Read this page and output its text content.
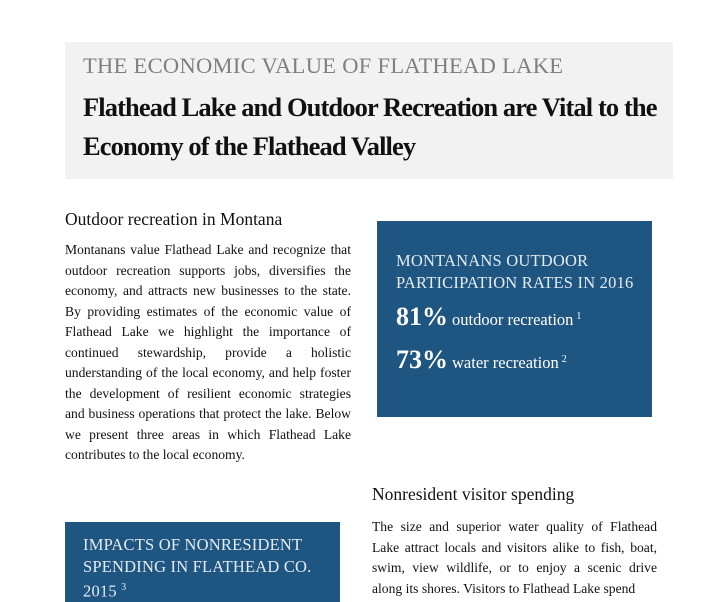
THE ECONOMIC VALUE OF FLATHEAD LAKE
Flathead Lake and Outdoor Recreation are Vital to the Economy of the Flathead Valley
Outdoor recreation in Montana
Montanans value Flathead Lake and recognize that outdoor recreation supports jobs, diversifies the economy, and attracts new businesses to the state. By providing estimates of the economic value of Flathead Lake we highlight the importance of continued stewardship, provide a holistic understanding of the local economy, and help foster the development of resilient economic strategies and business operations that protect the lake. Below we present three areas in which Flathead Lake contributes to the local economy.
MONTANANS OUTDOOR PARTICIPATION RATES IN 2016
81% outdoor recreation $^1$
73% water recreation $^2$
Nonresident visitor spending
The size and superior water quality of Flathead Lake attract locals and visitors alike to fish, boat, swim, view wildlife, or to enjoy a scenic drive along its shores. Visitors to Flathead Lake spend
IMPACTS OF NONRESIDENT SPENDING IN FLATHEAD CO. 2015 $^3$
